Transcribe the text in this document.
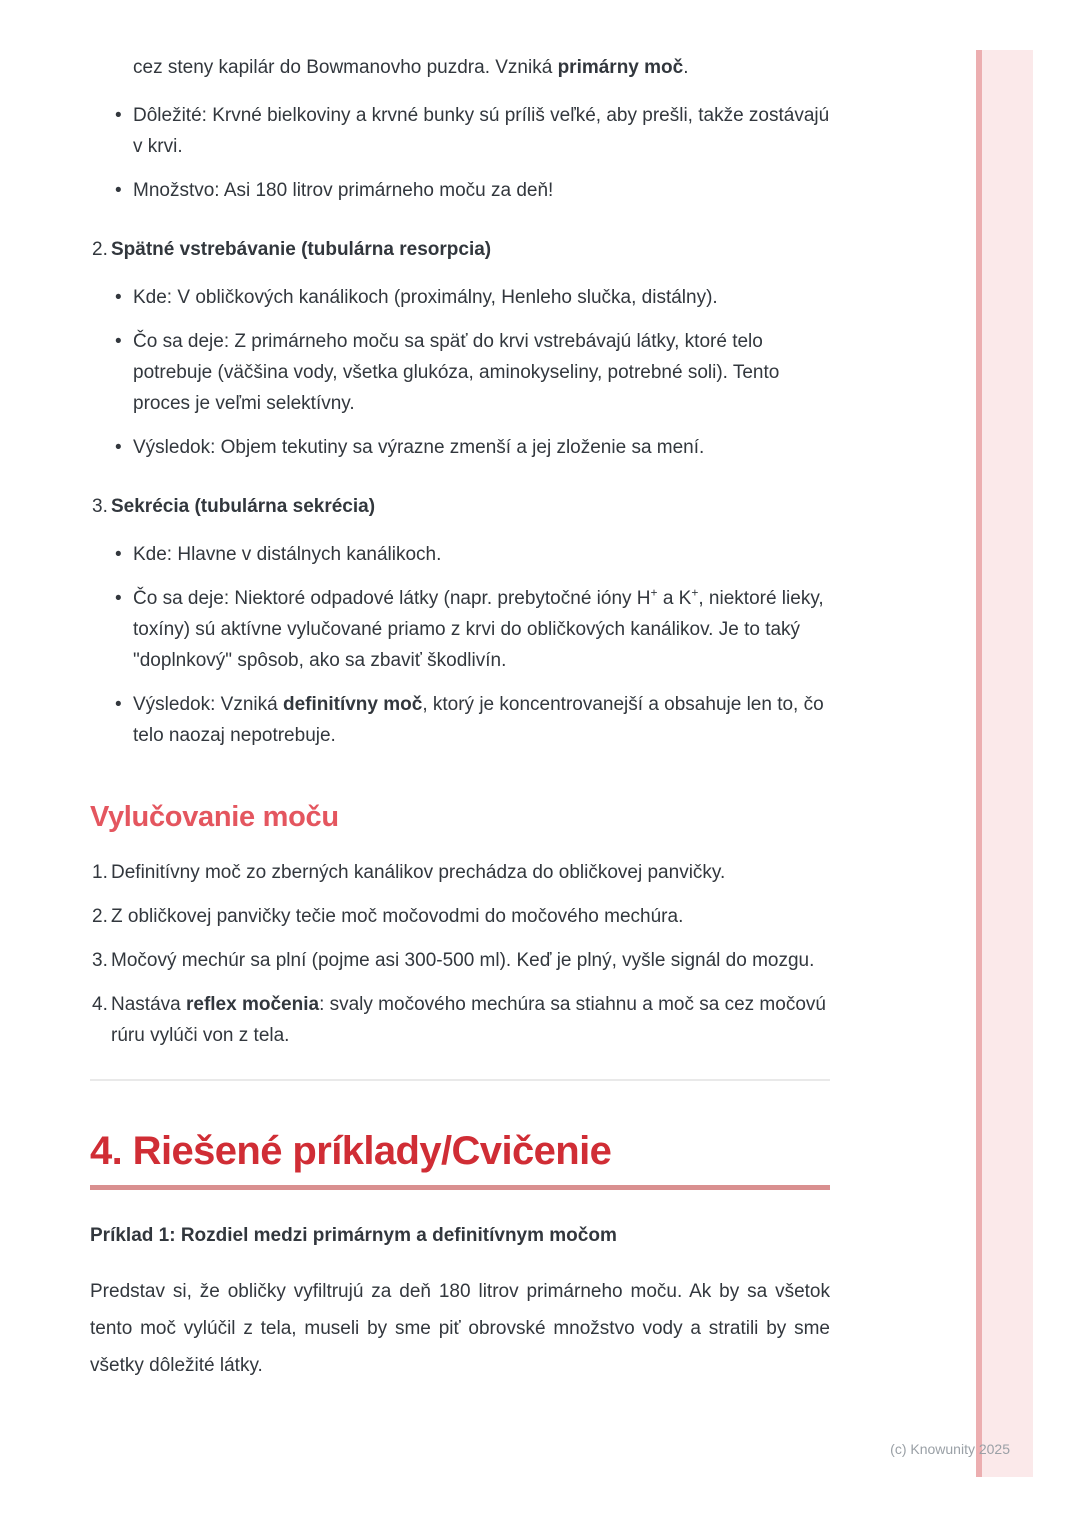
cez steny kapilár do Bowmanovho puzdra. Vzniká primárny moč.
• Dôležité: Krvné bielkoviny a krvné bunky sú príliš veľké, aby prešli, takže zostávajú v krvi.
• Množstvo: Asi 180 litrov primárneho moču za deň!
2. Spätné vstrebávanie (tubulárna resorpcia)
• Kde: V obličkových kanálikoch (proximálny, Henleho slučka, distálny).
• Čo sa deje: Z primárneho moču sa späť do krvi vstrebávajú látky, ktoré telo potrebuje (väčšina vody, všetka glukóza, aminokyseliny, potrebné soli). Tento proces je veľmi selektívny.
• Výsledok: Objem tekutiny sa výrazne zmenší a jej zloženie sa mení.
3. Sekrécia (tubulárna sekrécia)
• Kde: Hlavne v distálnych kanálikoch.
• Čo sa deje: Niektoré odpadové látky (napr. prebytočné ióny H+ a K+, niektoré lieky, toxíny) sú aktívne vylučované priamo z krvi do obličkových kanálikov. Je to taký "doplnkový" spôsob, ako sa zbaviť škodlivín.
• Výsledok: Vzniká definitívny moč, ktorý je koncentrovanejší a obsahuje len to, čo telo naozaj nepotrebuje.
Vylučovanie moču
1. Definitívny moč zo zberných kanálikov prechádza do obličkovej panvičky.
2. Z obličkovej panvičky tečie moč močovodmi do močového mechúra.
3. Močový mechúr sa plní (pojme asi 300-500 ml). Keď je plný, vyšle signál do mozgu.
4. Nastáva reflex močenia: svaly močového mechúra sa stiahnu a moč sa cez močovú rúru vylúči von z tela.
4. Riešené príklady/Cvičenie
Príklad 1: Rozdiel medzi primárnym a definitívnym močom
Predstav si, že obličky vyfiltrujú za deň 180 litrov primárneho moču. Ak by sa všetok tento moč vylúčil z tela, museli by sme piť obrovské množstvo vody a stratili by sme všetky dôležité látky.
(c) Knowunity 2025
